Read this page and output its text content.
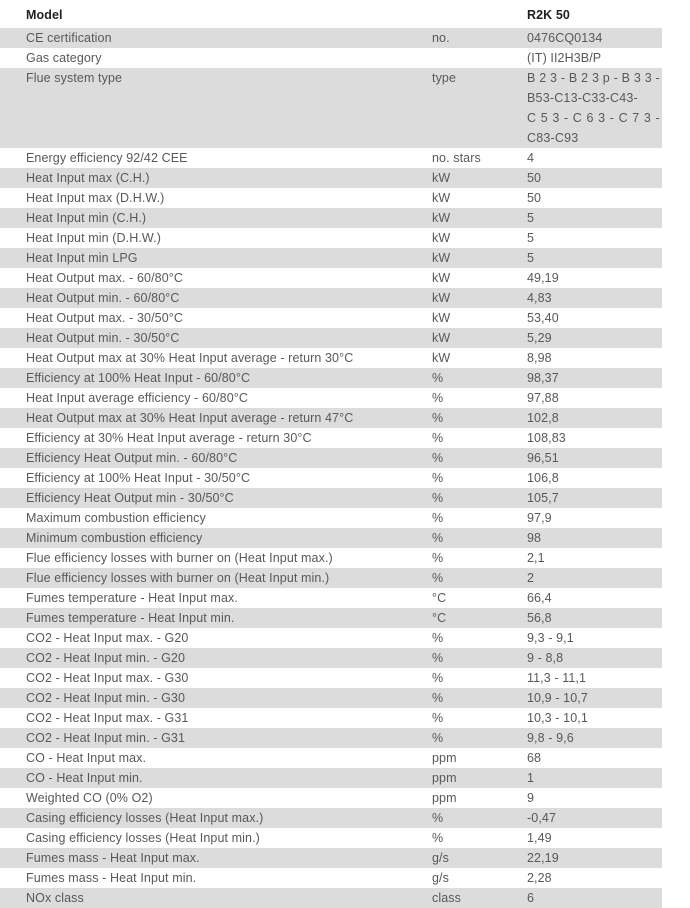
Model		R2K 50
CE certification	no.	0476CQ0134
Gas category		(IT) II2H3B/P
Flue system type	type	B 2 3 - B 2 3 p - B 3 3 -
B53-C13-C33-C43-
C 5 3 - C 6 3 - C 7 3 -
C83-C93

Energy efficiency 92/42 CEE	no. stars	4
Heat Input max (C.H.)	kW	50
Heat Input max (D.H.W.)	kW	50
Heat Input min (C.H.)	kW	5
Heat Input min (D.H.W.)	kW	5
Heat Input min LPG	kW	5
Heat Output max. - 60/80°C	kW	49,19
Heat Output min. - 60/80°C	kW	4,83
Heat Output max. - 30/50°C	kW	53,40
Heat Output min. - 30/50°C	kW	5,29
Heat Output max at 30% Heat Input average - return 30°C	kW	8,98
Efficiency at 100% Heat Input - 60/80°C	%	98,37
Heat Input average efficiency - 60/80°C	%	97,88
Heat Output max at 30% Heat Input average - return 47°C	%	102,8
Efficiency at 30% Heat Input average - return 30°C	%	108,83
Efficiency Heat Output min. - 60/80°C	%	96,51
Efficiency at 100% Heat Input - 30/50°C	%	106,8
Efficiency Heat Output min - 30/50°C	%	105,7
Maximum combustion efficiency	%	97,9
Minimum combustion efficiency	%	98
Flue efficiency losses with burner on (Heat Input max.)	%	2,1
Flue efficiency losses with burner on (Heat Input min.)	%	2
Fumes temperature - Heat Input max.	°C	66,4
Fumes temperature - Heat Input min.	°C	56,8
CO2 - Heat Input max. - G20	%	9,3 - 9,1
CO2 - Heat Input min. - G20	%	9 - 8,8
CO2 - Heat Input max. - G30	%	11,3 - 11,1
CO2 - Heat Input min. - G30	%	10,9 - 10,7
CO2 - Heat Input max. - G31	%	10,3 - 10,1
CO2 - Heat Input min. - G31	%	9,8 - 9,6
CO - Heat Input max.	ppm	68
CO - Heat Input min.	ppm	1
Weighted CO (0% O2)	ppm	9
Casing efficiency losses (Heat Input max.)	%	-0,47
Casing efficiency losses (Heat Input min.)	%	1,49
Fumes mass - Heat Input max.	g/s	22,19
Fumes mass - Heat Input min.	g/s	2,28
NOx class	class	6
